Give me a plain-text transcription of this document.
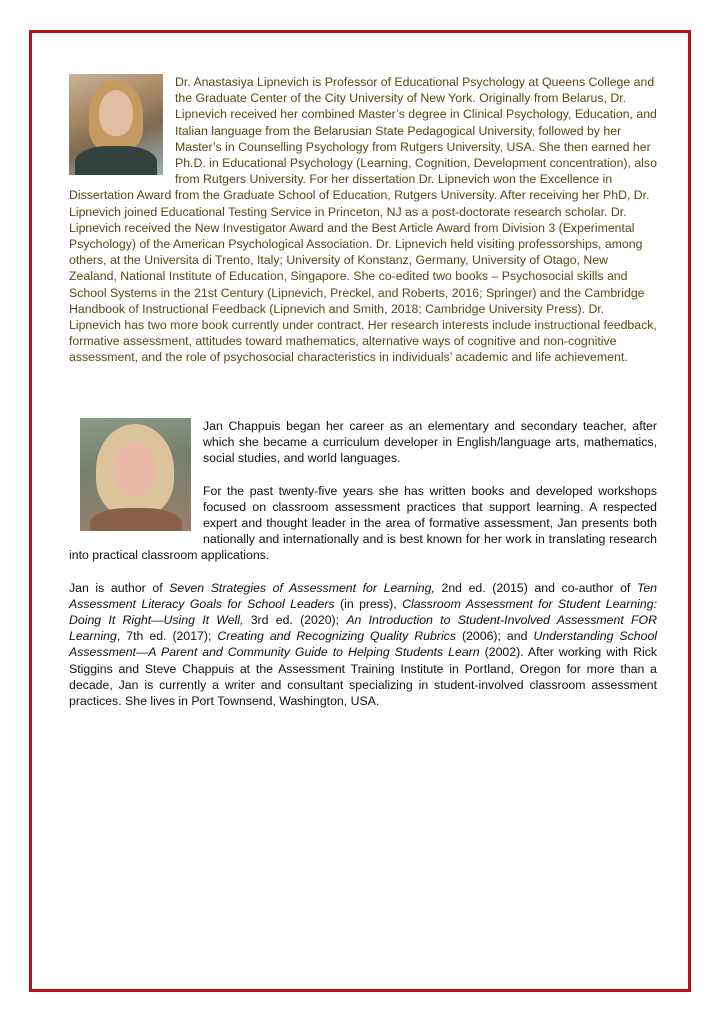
Dr. Anastasiya Lipnevich is Professor of Educational Psychology at Queens College and the Graduate Center of the City University of New York. Originally from Belarus, Dr. Lipnevich received her combined Master’s degree in Clinical Psychology, Education, and Italian language from the Belarusian State Pedagogical University, followed by her Master’s in Counselling Psychology from Rutgers University, USA. She then earned her Ph.D. in Educational Psychology (Learning, Cognition, Development concentration), also from Rutgers University. For her dissertation Dr. Lipnevich won the Excellence in Dissertation Award from the Graduate School of Education, Rutgers University. After receiving her PhD, Dr. Lipnevich joined Educational Testing Service in Princeton, NJ as a post-doctorate research scholar. Dr. Lipnevich received the New Investigator Award and the Best Article Award from Division 3 (Experimental Psychology) of the American Psychological Association. Dr. Lipnevich held visiting professorships, among others, at the Universita di Trento, Italy; University of Konstanz, Germany, University of Otago, New Zealand, National Institute of Education, Singapore. She co-edited two books – Psychosocial skills and School Systems in the 21st Century (Lipnevich, Preckel, and Roberts, 2016; Springer) and the Cambridge Handbook of Instructional Feedback (Lipnevich and Smith, 2018; Cambridge University Press). Dr. Lipnevich has two more book currently under contract. Her research interests include instructional feedback, formative assessment, attitudes toward mathematics, alternative ways of cognitive and non-cognitive assessment, and the role of psychosocial characteristics in individuals’ academic and life achievement.

Jan Chappuis began her career as an elementary and secondary teacher, after which she became a curriculum developer in English/language arts, mathematics, social studies, and world languages.

For the past twenty-five years she has written books and developed workshops focused on classroom assessment practices that support learning. A respected expert and thought leader in the area of formative assessment, Jan presents both nationally and internationally and is best known for her work in translating research into practical classroom applications.

Jan is author of Seven Strategies of Assessment for Learning, 2nd ed. (2015) and co-author of Ten Assessment Literacy Goals for School Leaders (in press), Classroom Assessment for Student Learning: Doing It Right—Using It Well, 3rd ed. (2020); An Introduction to Student-Involved Assessment FOR Learning, 7th ed. (2017); Creating and Recognizing Quality Rubrics (2006); and Understanding School Assessment—A Parent and Community Guide to Helping Students Learn (2002). After working with Rick Stiggins and Steve Chappuis at the Assessment Training Institute in Portland, Oregon for more than a decade, Jan is currently a writer and consultant specializing in student-involved classroom assessment practices. She lives in Port Townsend, Washington, USA.
